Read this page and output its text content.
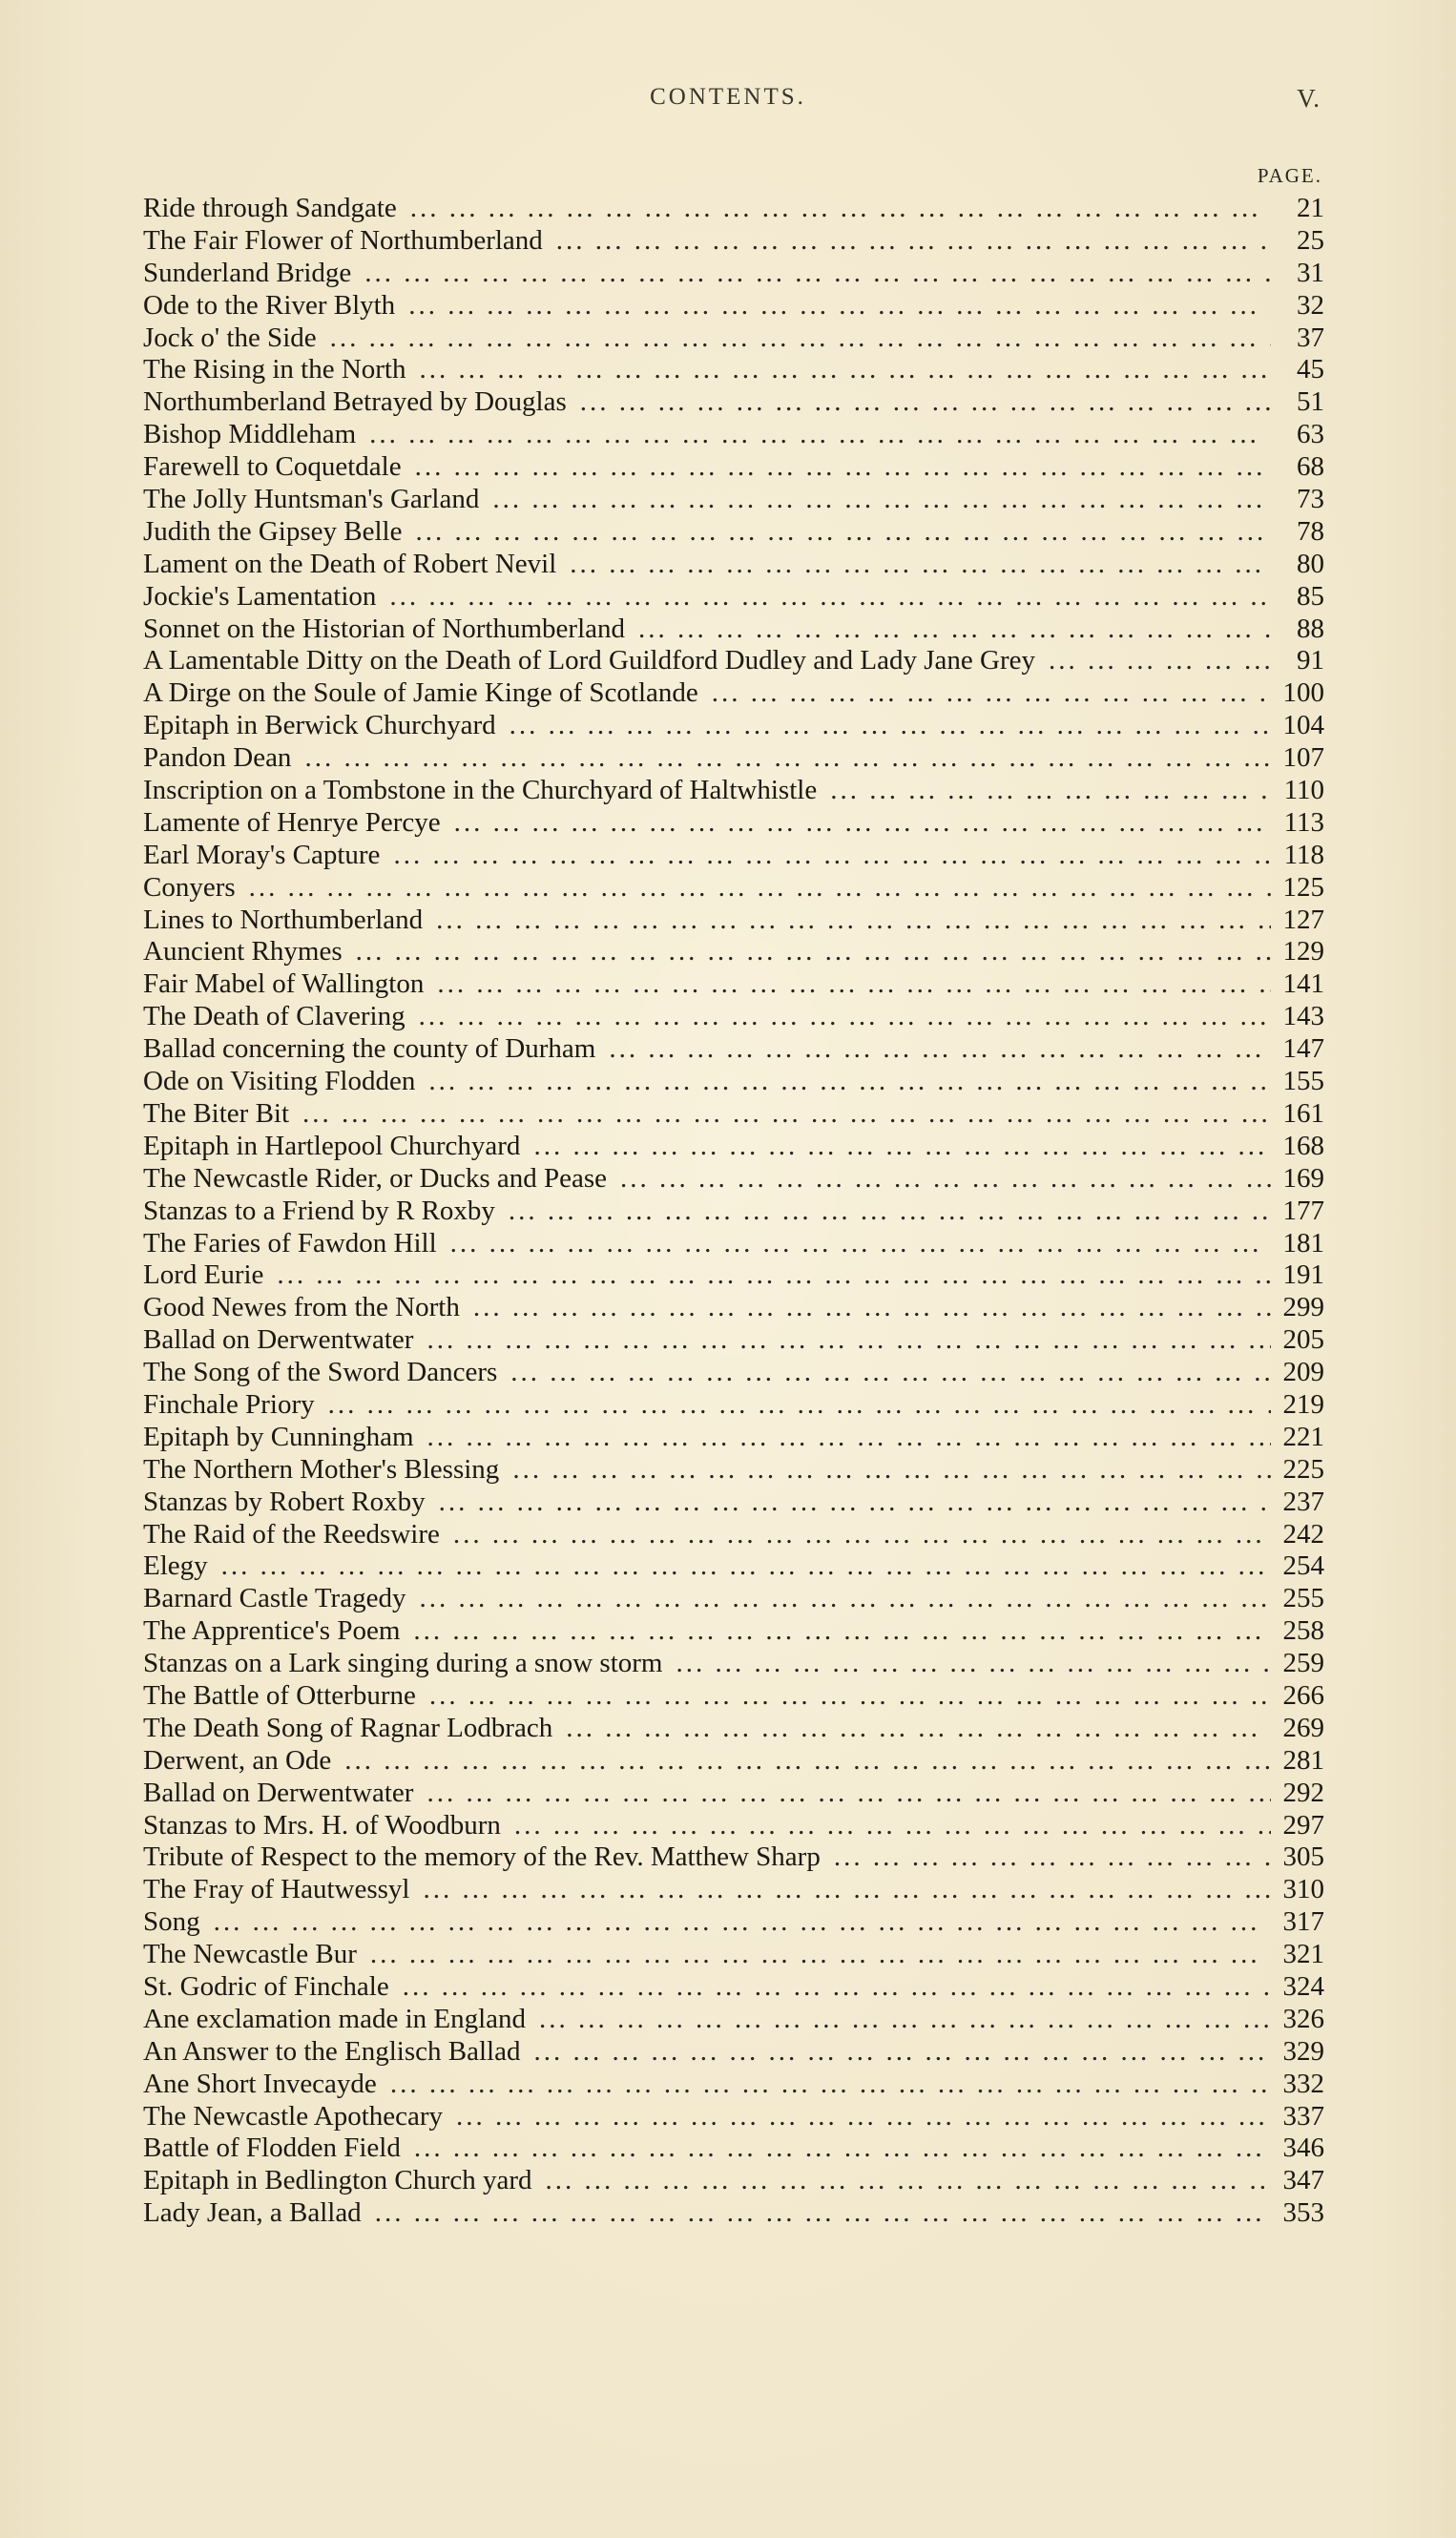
CONTENTS.	V.
PAGE.
Ride through Sandgate ... .	21
The Fair Flower of Northumberland ... .	25
Sunderland Bridge ... .	31
Ode to the River Blyth ... .	32
Jock o' the Side ... .	37
The Rising in the North ... .	45
Northumberland Betrayed by Douglas ... .	51
Bishop Middleham ... .	63
Farewell to Coquetdale ... .	68
The Jolly Huntsman's Garland ... .	73
Judith the Gipsey Belle ... .	78
Lament on the Death of Robert Nevil ... .	80
Jockie's Lamentation ... .	85
Sonnet on the Historian of Northumberland ... .	88
A Lamentable Ditty on the Death of Lord Guildford Dudley and Lady Jane Grey ... .	91
A Dirge on the Soule of Jamie Kinge of Scotlande ... .	100
Epitaph in Berwick Churchyard ... .	104
Pandon Dean ... .	107
Inscription on a Tombstone in the Churchyard of Haltwhistle ... .	110
Lamente of Henrye Percye ... .	113
Earl Moray's Capture ... .	118
Conyers ... .	125
Lines to Northumberland ... .	127
Auncient Rhymes ... .	129
Fair Mabel of Wallington ... .	141
The Death of Clavering ... .	143
Ballad concerning the county of Durham ... .	147
Ode on Visiting Flodden ... .	155
The Biter Bit ... .	161
Epitaph in Hartlepool Churchyard ... .	168
The Newcastle Rider, or Ducks and Pease ... .	169
Stanzas to a Friend by R Roxby ... .	177
The Faries of Fawdon Hill ... .	181
Lord Eurie ... .	191
Good Newes from the North ... .	299
Ballad on Derwentwater ... .	205
The Song of the Sword Dancers ... .	209
Finchale Priory ... .	219
Epitaph by Cunningham ... .	221
The Northern Mother's Blessing ... .	225
Stanzas by Robert Roxby ... .	237
The Raid of the Reedswire ... .	242
Elegy ... .	254
Barnard Castle Tragedy ... .	255
The Apprentice's Poem ... .	258
Stanzas on a Lark singing during a snow storm ... .	259
The Battle of Otterburne ... .	266
The Death Song of Ragnar Lodbrach ... .	269
Derwent, an Ode ... .	281
Ballad on Derwentwater ... .	292
Stanzas to Mrs. H. of Woodburn ... .	297
Tribute of Respect to the memory of the Rev. Matthew Sharp ... .	305
The Fray of Hautwessyl ... .	310
Song ... .	317
The Newcastle Bur ... .	321
St. Godric of Finchale ... .	324
Ane exclamation made in England ... .	326
An Answer to the Englisch Ballad ... .	329
Ane Short Invecayde ... .	332
The Newcastle Apothecary ... .	337
Battle of Flodden Field ... .	346
Epitaph in Bedlington Church yard ... .	347
Lady Jean, a Ballad ... .	353
